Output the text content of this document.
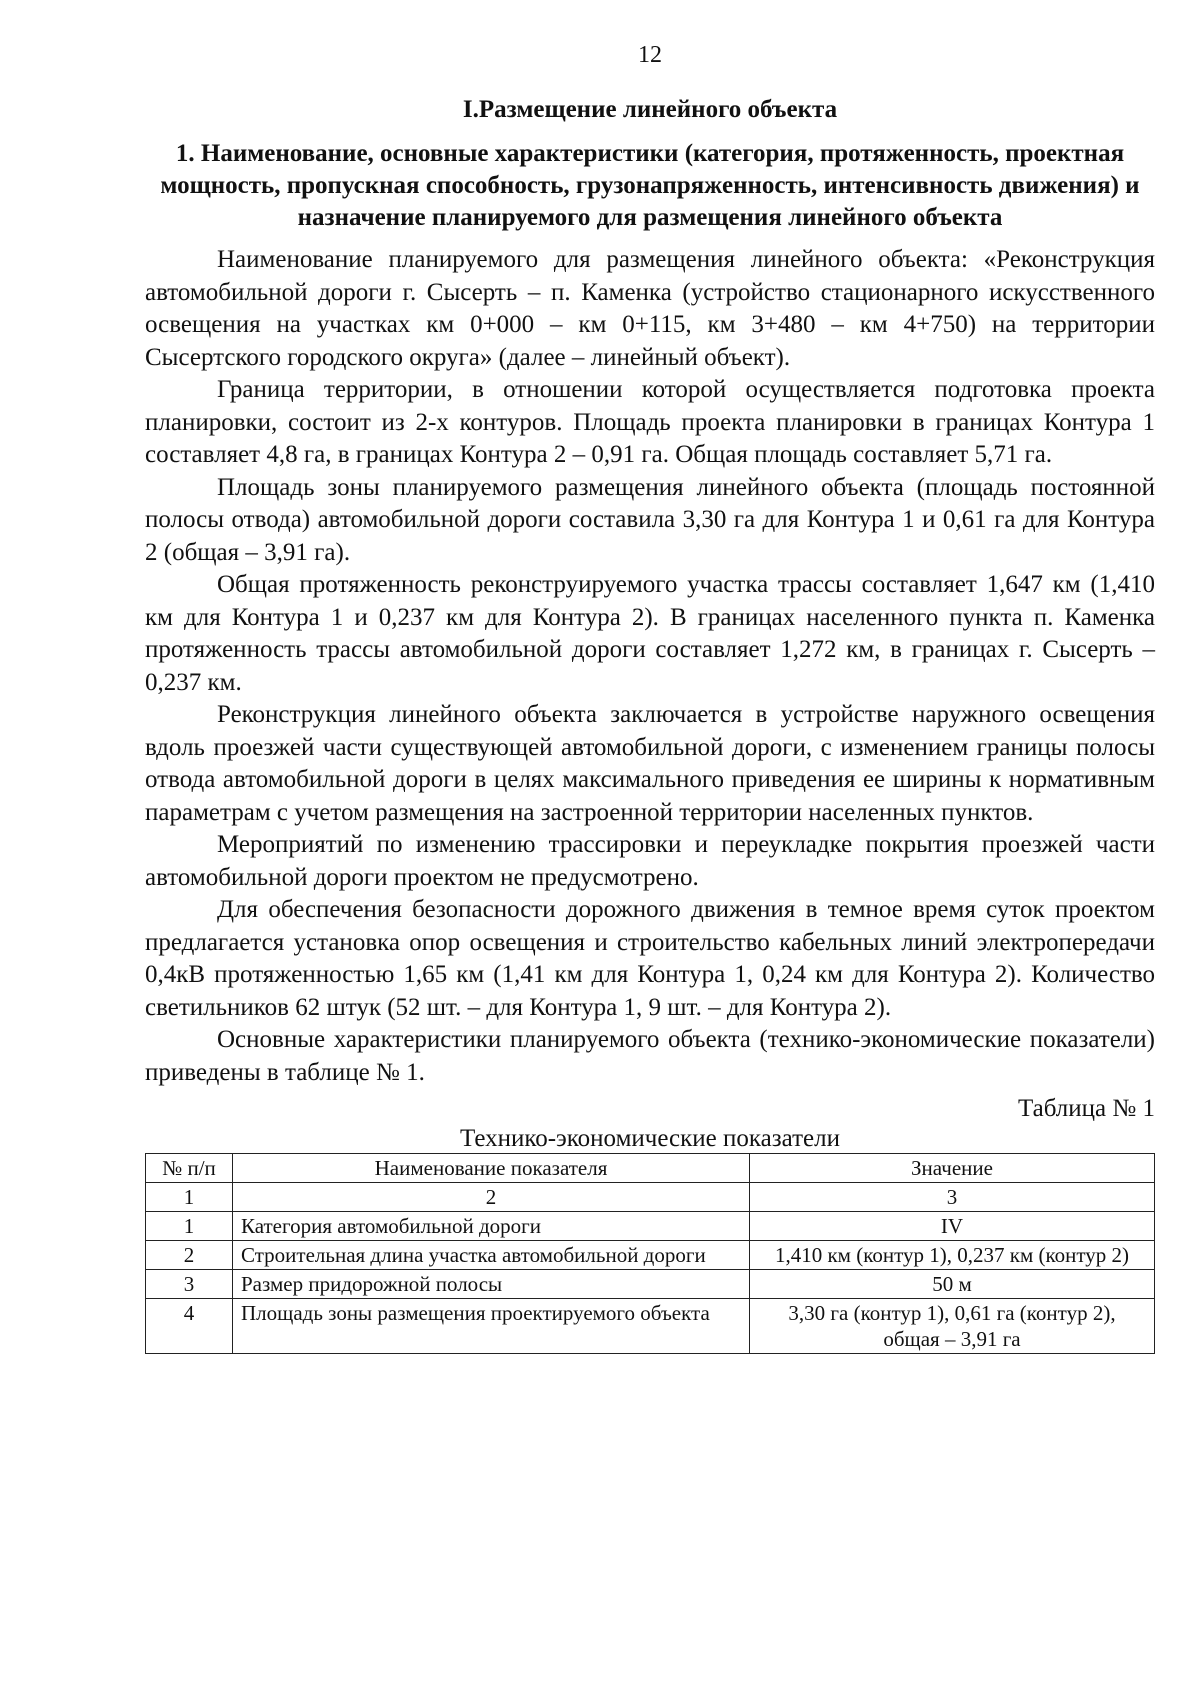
12
I.Размещение линейного объекта
1. Наименование, основные характеристики (категория, протяженность, проектная мощность, пропускная способность, грузонапряженность, интенсивность движения) и назначение планируемого для размещения линейного объекта

Наименование планируемого для размещения линейного объекта: «Реконструкция автомобильной дороги г. Сысерть – п. Каменка (устройство стационарного искусственного освещения на участках км 0+000 – км 0+115, км 3+480 – км 4+750) на территории Сысертского городского округа» (далее – линейный объект).

Граница территории, в отношении которой осуществляется подготовка проекта планировки, состоит из 2-х контуров. Площадь проекта планировки в границах Контура 1 составляет 4,8 га, в границах Контура 2 – 0,91 га. Общая площадь составляет 5,71 га.

Площадь зоны планируемого размещения линейного объекта (площадь постоянной полосы отвода) автомобильной дороги составила 3,30 га для Контура 1 и 0,61 га для Контура 2 (общая – 3,91 га).

Общая протяженность реконструируемого участка трассы составляет 1,647 км (1,410 км для Контура 1 и 0,237 км для Контура 2). В границах населенного пункта п. Каменка протяженность трассы автомобильной дороги составляет 1,272 км, в границах г. Сысерть – 0,237 км.

Реконструкция линейного объекта заключается в устройстве наружного освещения вдоль проезжей части существующей автомобильной дороги, с изменением границы полосы отвода автомобильной дороги в целях максимального приведения ее ширины к нормативным параметрам с учетом размещения на застроенной территории населенных пунктов.

Мероприятий по изменению трассировки и переукладке покрытия проезжей части автомобильной дороги проектом не предусмотрено.

Для обеспечения безопасности дорожного движения в темное время суток проектом предлагается установка опор освещения и строительство кабельных линий электропередачи 0,4кВ протяженностью 1,65 км (1,41 км для Контура 1, 0,24 км для Контура 2). Количество светильников 62 штук (52 шт. – для Контура 1, 9 шт. – для Контура 2).

Основные характеристики планируемого объекта (технико-экономические показатели) приведены в таблице № 1.

Таблица № 1
Технико-экономические показатели
№ п/п	Наименование показателя	Значение
1	2	3
1	Категория автомобильной дороги	IV
2	Строительная длина участка автомобильной дороги	1,410 км (контур 1), 0,237 км (контур 2)
3	Размер придорожной полосы	50 м
4	Площадь зоны размещения проектируемого объекта	3,30 га (контур 1), 0,61 га (контур 2), общая – 3,91 га
